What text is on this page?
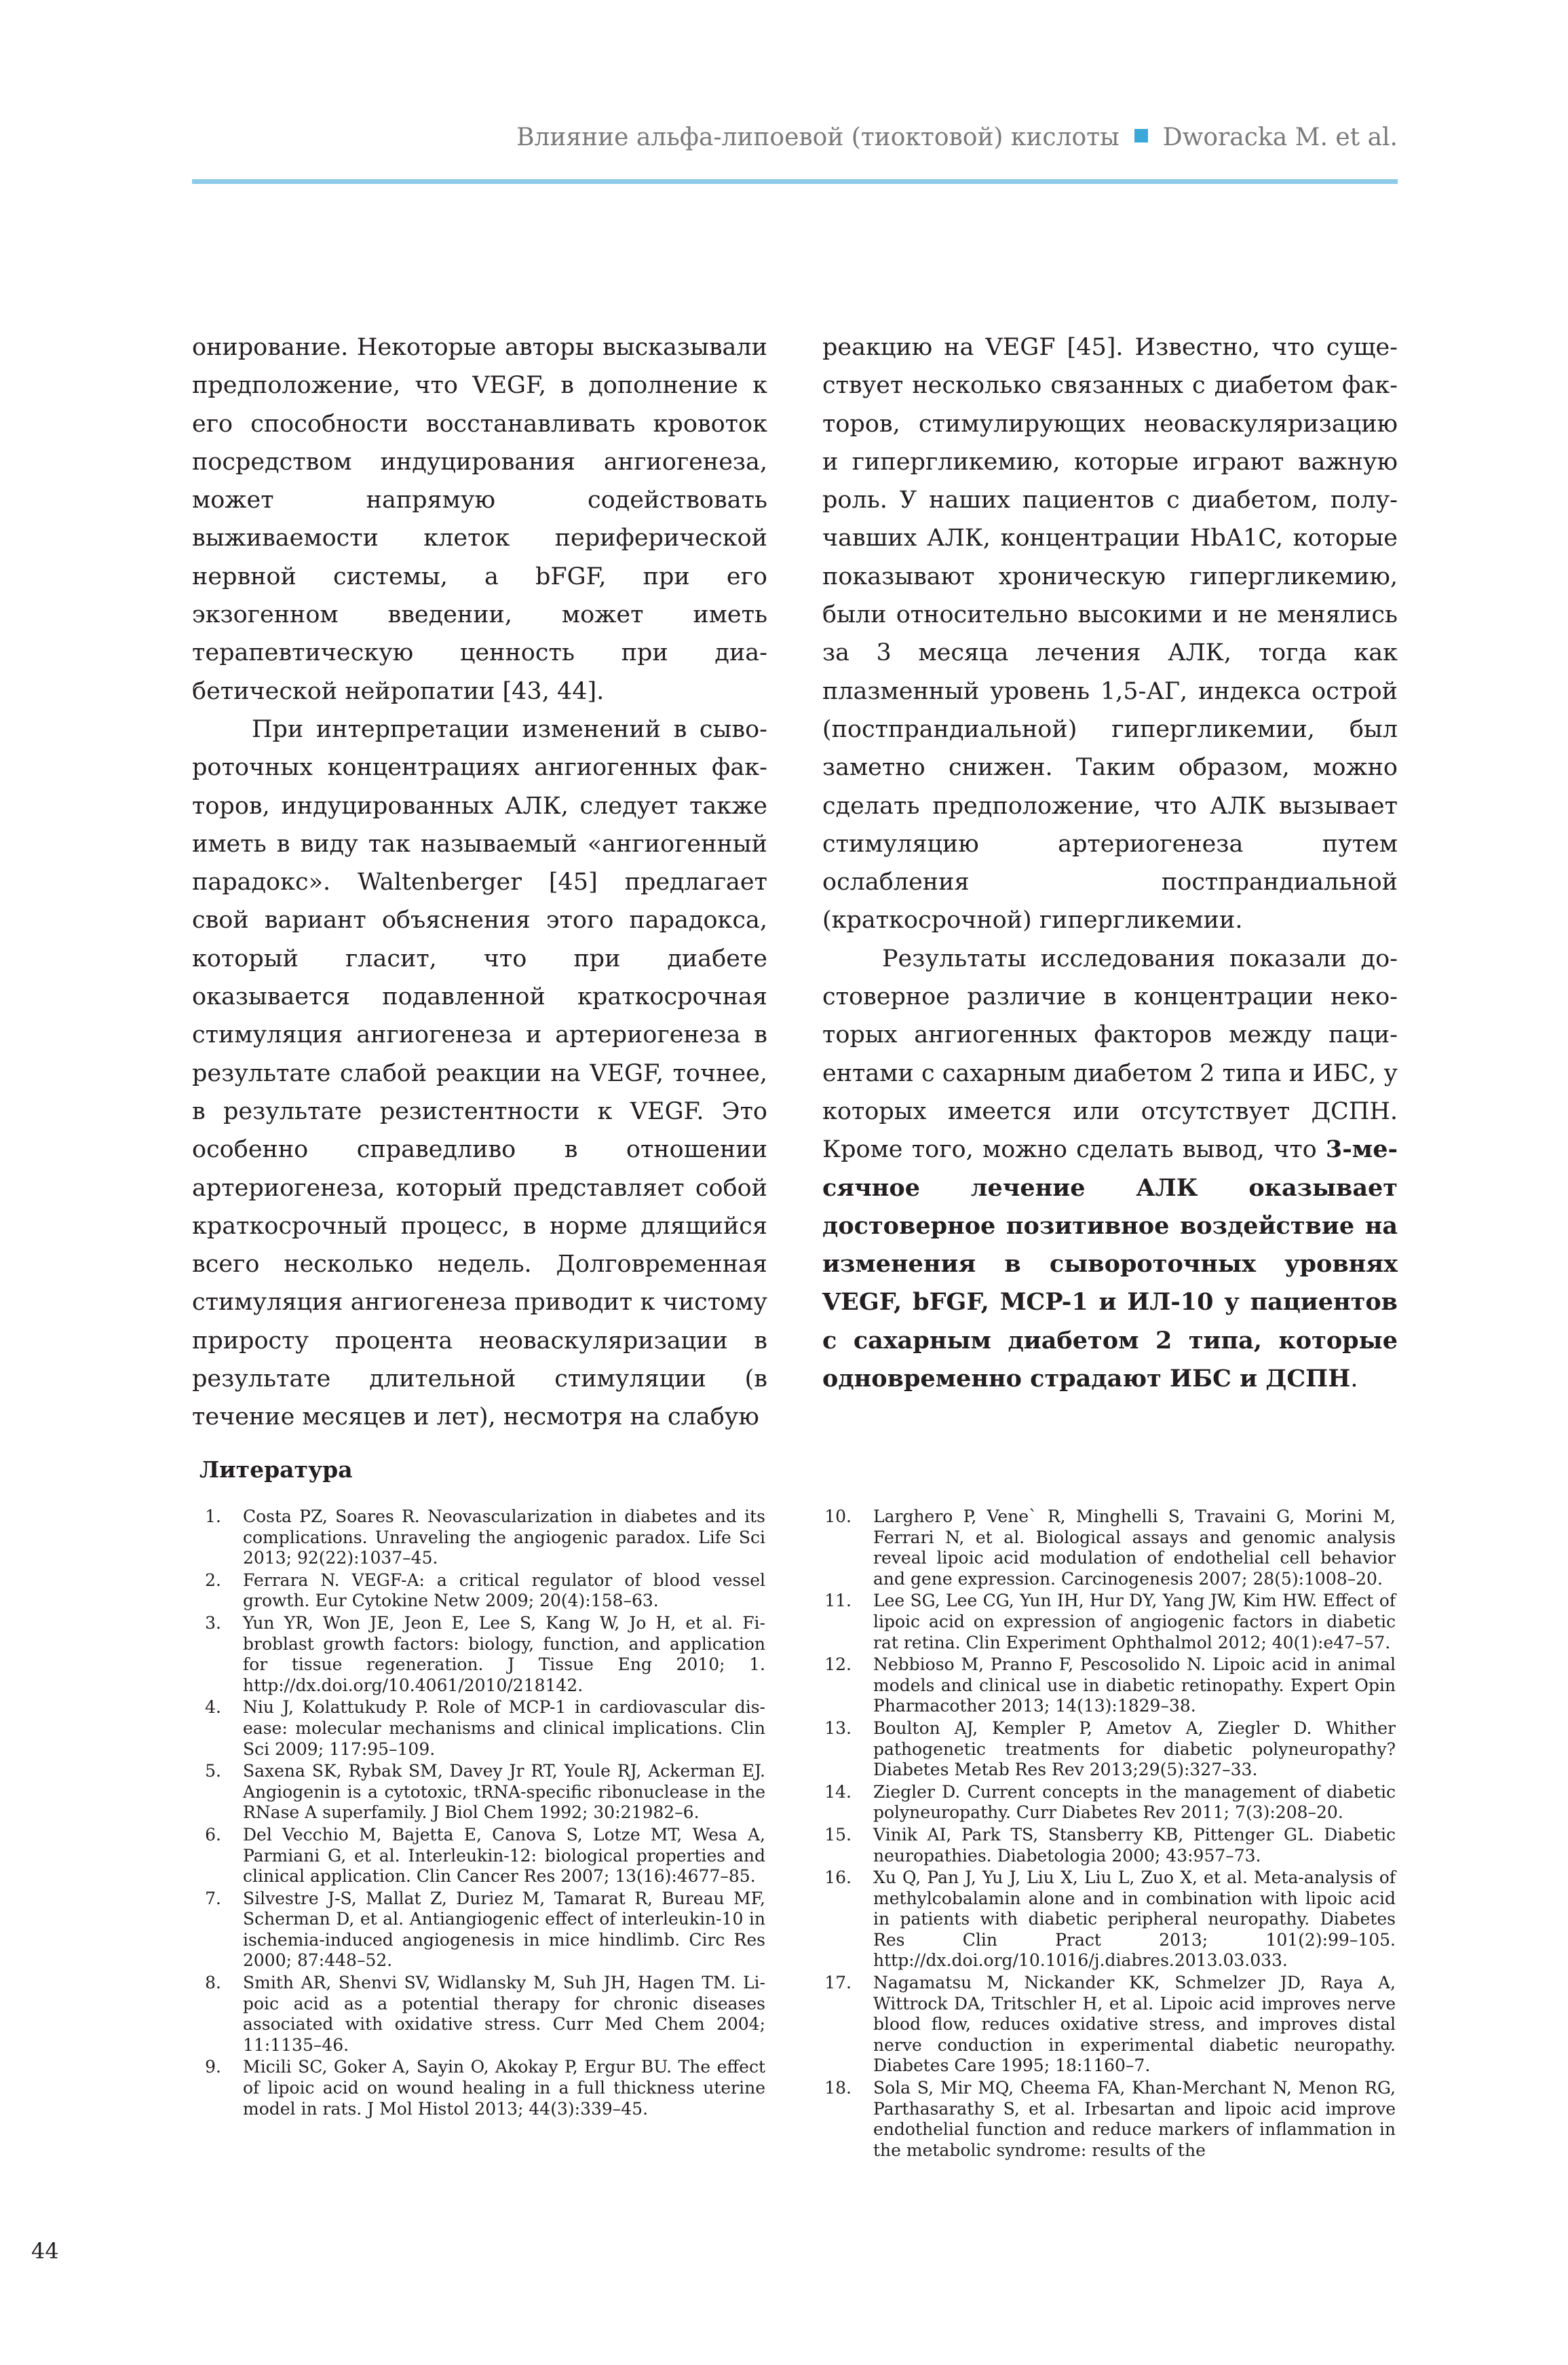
Влияние альфа-липоевой (тиоктовой) кислоты Dworacka M. et al.

онирование. Некоторые авторы высказывали предположение, что VEGF, в дополнение к его способности восстанавливать кровоток посредством индуцирования ангиогенеза, может напрямую содействовать выживаемости клеток периферической нервной системы, а bFGF, при его экзогенном введении, может иметь терапевтическую ценность при диабетической нейропатии [43, 44].

При интерпретации изменений в сывороточных концентрациях ангиогенных факторов, индуцированных АЛК, следует также иметь в виду так называемый «ангиогенный парадокс». Waltenberger [45] предлагает свой вариант объяснения этого парадокса, который гласит, что при диабете оказывается подавленной краткосрочная стимуляция ангиогенеза и артериогенеза в результате слабой реакции на VEGF, точнее, в результате резистентности к VEGF. Это особенно справедливо в отношении артериогенеза, который представляет собой краткосрочный процесс, в норме длящийся всего несколько недель. Долговременная стимуляция ангиогенеза приводит к чистому приросту процента неоваскуляризации в результате длительной стимуляции (в течение месяцев и лет), несмотря на слабую

реакцию на VEGF [45]. Известно, что существует несколько связанных с диабетом факторов, стимулирующих неоваскуляризацию и гипергликемию, которые играют важную роль. У наших пациентов с диабетом, получавших АЛК, концентрации HbA1C, которые показывают хроническую гипергликемию, были относительно высокими и не менялись за 3 месяца лечения АЛК, тогда как плазменный уровень 1,5-АГ, индекса острой (постпрандиальной) гипергликемии, был заметно снижен. Таким образом, можно сделать предположение, что АЛК вызывает стимуляцию артериогенеза путем ослабления постпрандиальной (краткосрочной) гипергликемии.

Результаты исследования показали достоверное различие в концентрации некоторых ангиогенных факторов между пациентами с сахарным диабетом 2 типа и ИБС, у которых имеется или отсутствует ДСПН. Кроме того, можно сделать вывод, что 3-месячное лечение АЛК оказывает достоверное позитивное воздействие на изменения в сывороточных уровнях VEGF, bFGF, MCP-1 и ИЛ-10 у пациентов с сахарным диабетом 2 типа, которые одновременно страдают ИБС и ДСПН.

Литература
1.	Costa PZ, Soares R. Neovascularization in diabetes and its complications. Unraveling the angiogenic paradox. Life Sci 2013; 92(22):1037–45.
2.	Ferrara N. VEGF-A: a critical regulator of blood vessel growth. Eur Cytokine Netw 2009; 20(4):158–63.
3.	Yun YR, Won JE, Jeon E, Lee S, Kang W, Jo H, et al. Fibroblast growth factors: biology, function, and application for tissue regeneration. J Tissue Eng 2010; 1. http://dx.doi.org/10.4061/2010/218142.
4.	Niu J, Kolattukudy P. Role of MCP-1 in cardiovascular disease: molecular mechanisms and clinical implications. Clin Sci 2009; 117:95–109.
5.	Saxena SK, Rybak SM, Davey Jr RT, Youle RJ, Ackerman EJ. Angiogenin is a cytotoxic, tRNA-specific ribonuclease in the RNase A superfamily. J Biol Chem 1992; 30:21982–6.
6.	Del Vecchio M, Bajetta E, Canova S, Lotze MT, Wesa A, Parmiani G, et al. Interleukin-12: biological properties and clinical application. Clin Cancer Res 2007; 13(16):4677–85.
7.	Silvestre J-S, Mallat Z, Duriez M, Tamarat R, Bureau MF, Scherman D, et al. Antiangiogenic effect of interleukin-10 in ischemia-induced angiogenesis in mice hindlimb. Circ Res 2000; 87:448–52.
8.	Smith AR, Shenvi SV, Widlansky M, Suh JH, Hagen TM. Lipoic acid as a potential therapy for chronic diseases associated with oxidative stress. Curr Med Chem 2004; 11:1135–46.
9.	Micili SC, Goker A, Sayin O, Akokay P, Ergur BU. The effect of lipoic acid on wound healing in a full thickness uterine model in rats. J Mol Histol 2013; 44(3):339–45.
10.	Larghero P, Vene` R, Minghelli S, Travaini G, Morini M, Ferrari N, et al. Biological assays and genomic analysis reveal lipoic acid modulation of endothelial cell behavior and gene expression. Carcinogenesis 2007; 28(5):1008–20.
11.	Lee SG, Lee CG, Yun IH, Hur DY, Yang JW, Kim HW. Effect of lipoic acid on expression of angiogenic factors in diabetic rat retina. Clin Experiment Ophthalmol 2012; 40(1):e47–57.
12.	Nebbioso M, Pranno F, Pescosolido N. Lipoic acid in animal models and clinical use in diabetic retinopathy. Expert Opin Pharmacother 2013; 14(13):1829–38.
13.	Boulton AJ, Kempler P, Ametov A, Ziegler D. Whither pathogenetic treatments for diabetic polyneuropathy? Diabetes Metab Res Rev 2013;29(5):327–33.
14.	Ziegler D. Current concepts in the management of diabetic polyneuropathy. Curr Diabetes Rev 2011; 7(3):208–20.
15.	Vinik AI, Park TS, Stansberry KB, Pittenger GL. Diabetic neuropathies. Diabetologia 2000; 43:957–73.
16.	Xu Q, Pan J, Yu J, Liu X, Liu L, Zuo X, et al. Meta-analysis of methylcobalamin alone and in combination with lipoic acid in patients with diabetic peripheral neuropathy. Diabetes Res Clin Pract 2013; 101(2):99–105. http://dx.doi.org/10.1016/j.diabres.2013.03.033.
17.	Nagamatsu M, Nickander KK, Schmelzer JD, Raya A, Wittrock DA, Tritschler H, et al. Lipoic acid improves nerve blood flow, reduces oxidative stress, and improves distal nerve conduction in experimental diabetic neuropathy. Diabetes Care 1995; 18:1160–7.
18.	Sola S, Mir MQ, Cheema FA, Khan-Merchant N, Menon RG, Parthasarathy S, et al. Irbesartan and lipoic acid improve endothelial function and reduce markers of inflammation in the metabolic syndrome: results of the
44
